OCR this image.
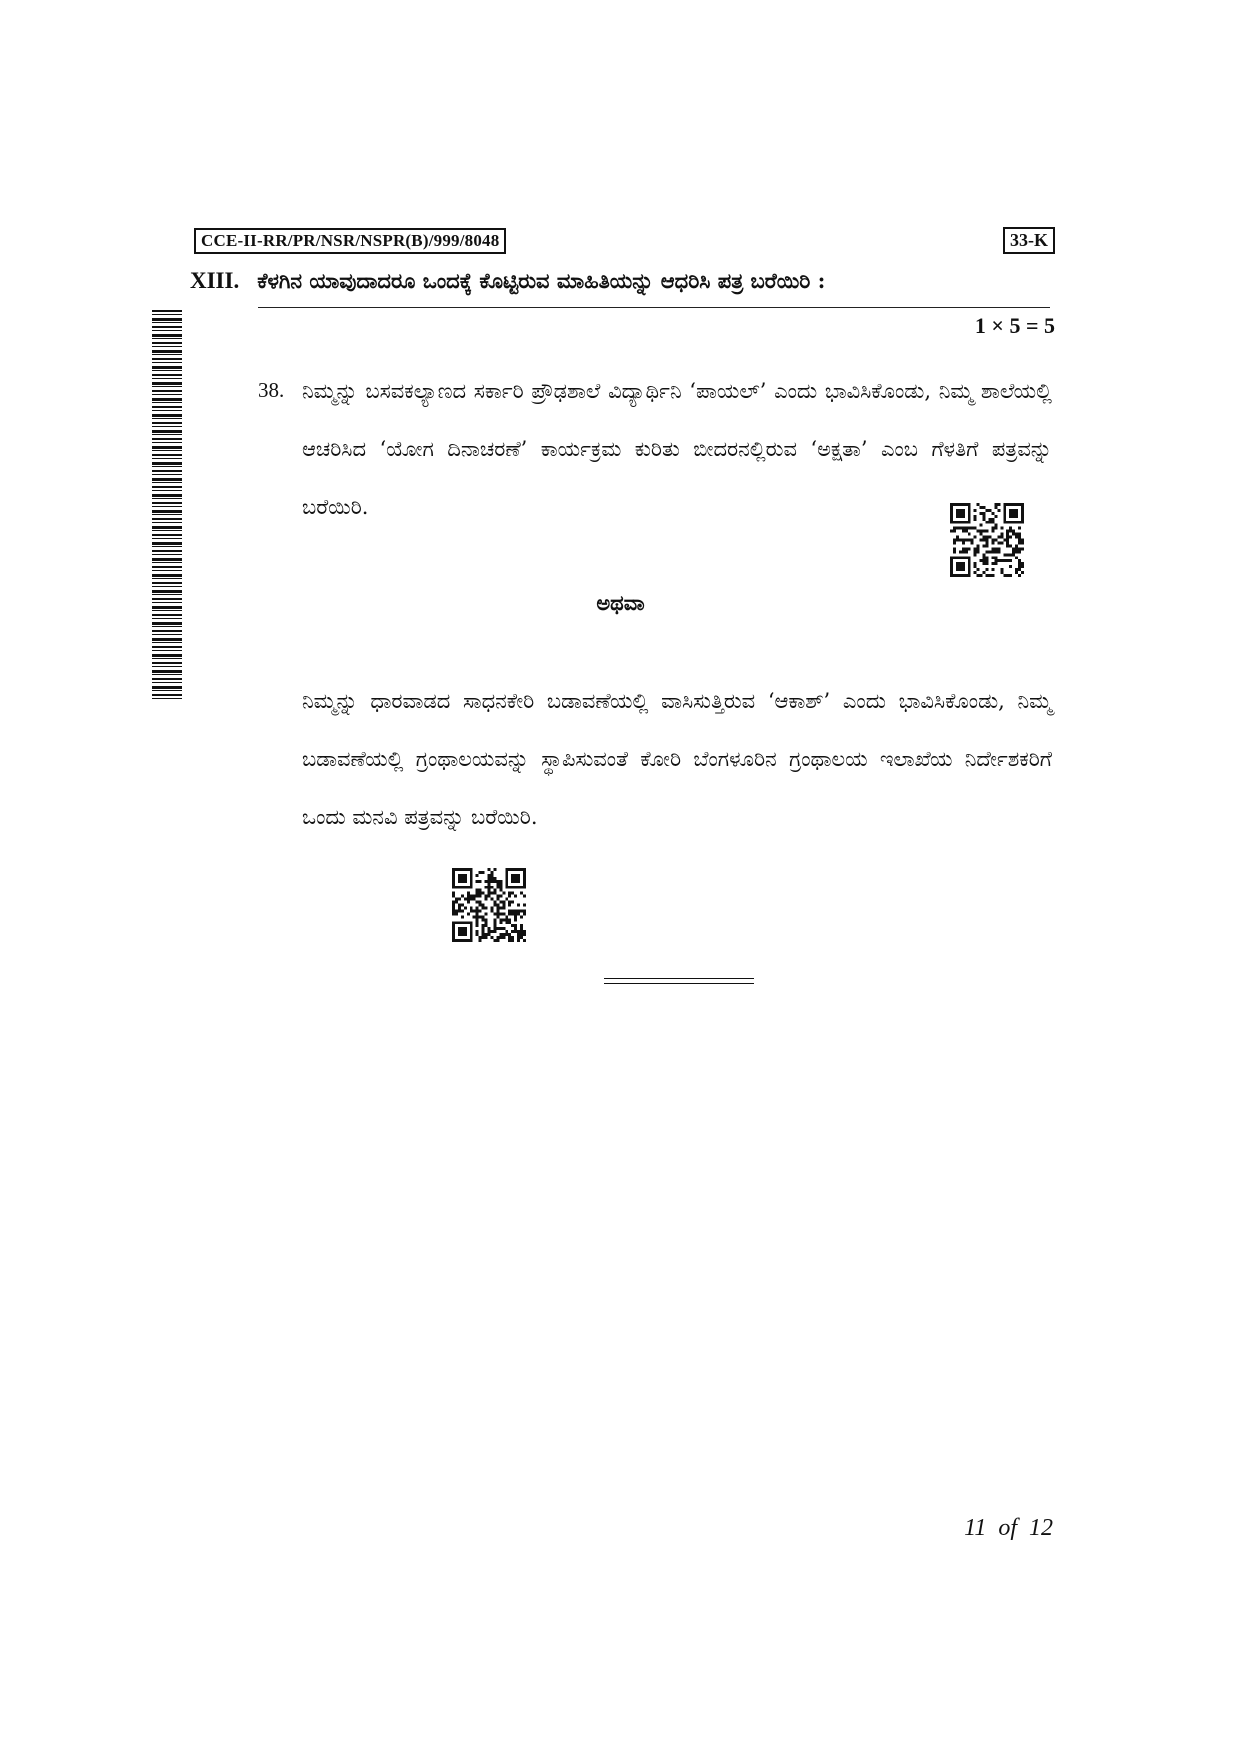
CCE-II-RR/PR/NSR/NSPR(B)/999/8048	33-K
XIII. ಕೆಳಗಿನ ಯಾವುದಾದರೂ ಒಂದಕ್ಕೆ ಕೊಟ್ಟಿರುವ ಮಾಹಿತಿಯನ್ನು ಆಧರಿಸಿ ಪತ್ರ ಬರೆಯಿರಿ :
1 × 5 = 5
38. ನಿಮ್ಮನ್ನು ಬಸವಕಲ್ಯಾಣದ ಸರ್ಕಾರಿ ಪ್ರೌಢಶಾಲೆ ವಿದ್ಯಾರ್ಥಿನಿ ‘ಪಾಯಲ್’ ಎಂದು ಭಾವಿಸಿಕೊಂಡು, ನಿಮ್ಮ ಶಾಲೆಯಲ್ಲಿ ಆಚರಿಸಿದ ‘ಯೋಗ ದಿನಾಚರಣೆ’ ಕಾರ್ಯಕ್ರಮ ಕುರಿತು ಬೀದರನಲ್ಲಿರುವ ‘ಅಕ್ಷತಾ’ ಎಂಬ ಗೆಳತಿಗೆ ಪತ್ರವನ್ನು ಬರೆಯಿರಿ.
ಅಥವಾ
ನಿಮ್ಮನ್ನು ಧಾರವಾಡದ ಸಾಧನಕೇರಿ ಬಡಾವಣೆಯಲ್ಲಿ ವಾಸಿಸುತ್ತಿರುವ ‘ಆಕಾಶ್’ ಎಂದು ಭಾವಿಸಿಕೊಂಡು, ನಿಮ್ಮ ಬಡಾವಣೆಯಲ್ಲಿ ಗ್ರಂಥಾಲಯವನ್ನು ಸ್ಥಾಪಿಸುವಂತೆ ಕೋರಿ ಬೆಂಗಳೂರಿನ ಗ್ರಂಥಾಲಯ ಇಲಾಖೆಯ ನಿರ್ದೇಶಕರಿಗೆ ಒಂದು ಮನವಿ ಪತ್ರವನ್ನು ಬರೆಯಿರಿ.
11 of 12
